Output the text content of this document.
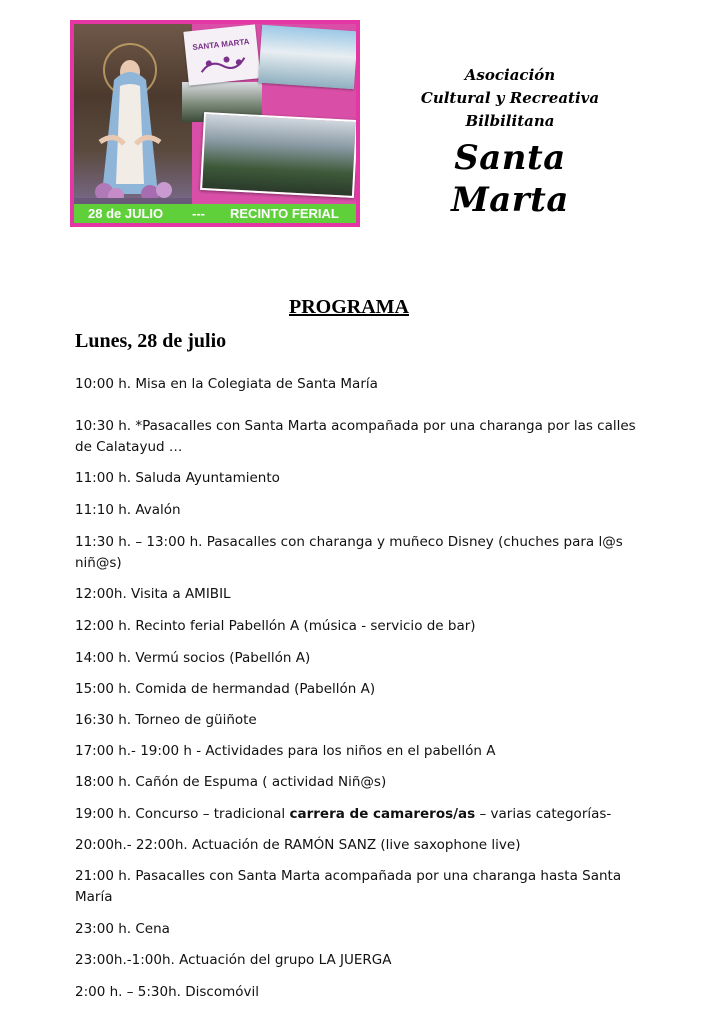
SANTA MARTA

28 de JULIO

---

RECINTO FERIAL

Asociación
Cultural y Recreativa
Bilbilitana
Santa Marta
PROGRAMA
Lunes, 28 de julio
10:00 h. Misa en la Colegiata de Santa María
10:30 h. *Pasacalles con Santa Marta acompañada por una charanga por las calles de Calatayud …
11:00 h. Saluda Ayuntamiento
11:10 h. Avalón
11:30 h. – 13:00 h. Pasacalles con charanga y muñeco Disney (chuches para l@s niñ@s)
12:00h. Visita a AMIBIL
12:00 h. Recinto ferial Pabellón A (música - servicio de bar)
14:00 h. Vermú socios (Pabellón A)
15:00 h. Comida de hermandad (Pabellón A)
16:30 h. Torneo de güiñote
17:00 h.- 19:00 h - Actividades para los niños en el pabellón A
18:00 h. Cañón de Espuma ( actividad Niñ@s)
19:00 h. Concurso – tradicional carrera de camareros/as – varias categorías-
20:00h.- 22:00h. Actuación de RAMÓN SANZ (live saxophone live)
21:00 h. Pasacalles con Santa Marta acompañada por una charanga hasta Santa María
23:00 h. Cena
23:00h.-1:00h. Actuación del grupo LA JUERGA
2:00 h. – 5:30h. Discomóvil
